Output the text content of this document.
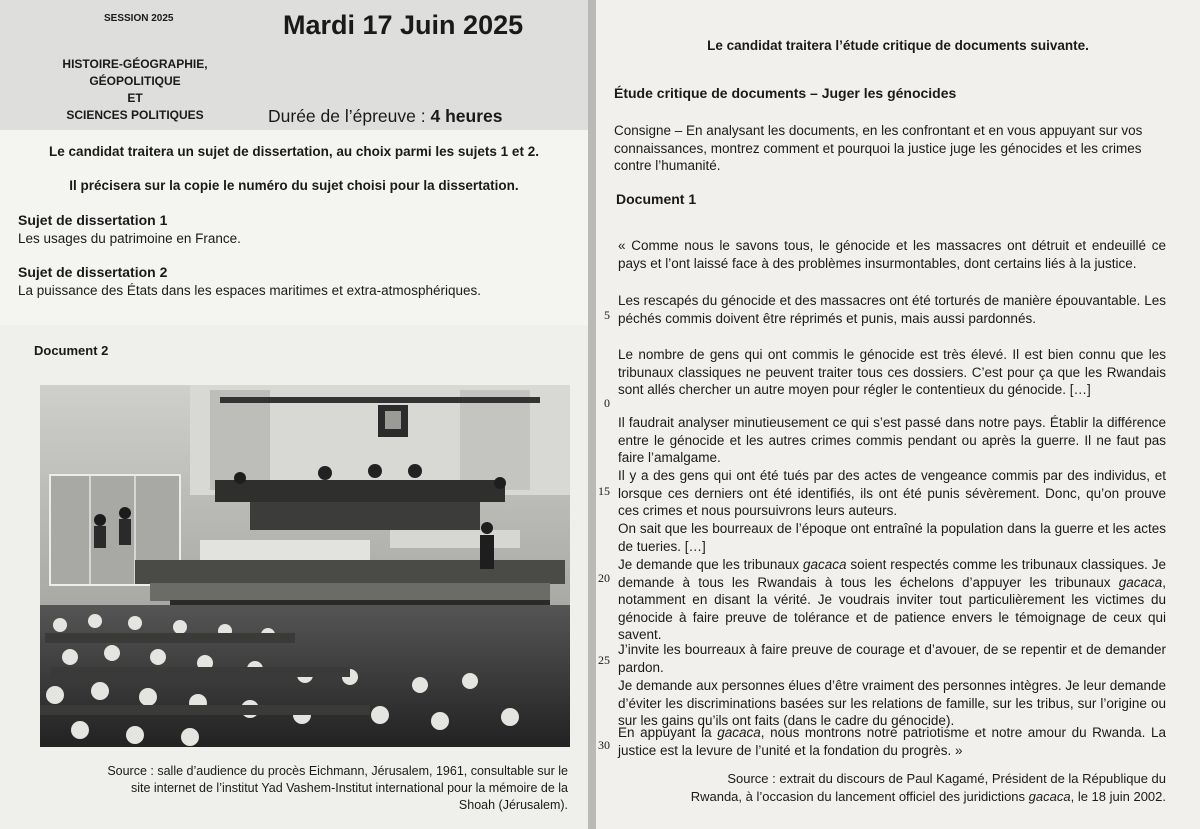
SESSION 2025	Mardi 17 Juin 2025
HISTOIRE-GÉOGRAPHIE,
GÉOPOLITIQUE
ET
SCIENCES POLITIQUES	Durée de l’épreuve : 4 heures
Le candidat traitera un sujet de dissertation, au choix parmi les sujets 1 et 2.
Il précisera sur la copie le numéro du sujet choisi pour la dissertation.
Sujet de dissertation 1
Les usages du patrimoine en France.
Sujet de dissertation 2
La puissance des États dans les espaces maritimes et extra-atmosphériques.
Document 2
Source : salle d’audience du procès Eichmann, Jérusalem, 1961, consultable sur le
site internet de l’institut Yad Vashem-Institut international pour la mémoire de la
Shoah (Jérusalem).
Le candidat traitera l’étude critique de documents suivante.
Étude critique de documents – Juger les génocides
Consigne – En analysant les documents, en les confrontant et en vous appuyant sur vos connaissances, montrez comment et pourquoi la justice juge les génocides et les crimes contre l’humanité.
Document 1
5
0
15
20
25
30
« Comme nous le savons tous, le génocide et les massacres ont détruit et endeuillé ce pays et l’ont laissé face à des problèmes insurmontables, dont certains liés à la justice.
Les rescapés du génocide et des massacres ont été torturés de manière épouvantable. Les péchés commis doivent être réprimés et punis, mais aussi pardonnés.
Le nombre de gens qui ont commis le génocide est très élevé. Il est bien connu que les tribunaux classiques ne peuvent traiter tous ces dossiers. C’est pour ça que les Rwandais sont allés chercher un autre moyen pour régler le contentieux du génocide. […]
Il faudrait analyser minutieusement ce qui s’est passé dans notre pays. Établir la différence entre le génocide et les autres crimes commis pendant ou après la guerre. Il ne faut pas faire l’amalgame.
Il y a des gens qui ont été tués par des actes de vengeance commis par des individus, et lorsque ces derniers ont été identifiés, ils ont été punis sévèrement. Donc, qu’on prouve ces crimes et nous poursuivrons leurs auteurs.
On sait que les bourreaux de l’époque ont entraîné la population dans la guerre et les actes de tueries. […]
Je demande que les tribunaux gacaca soient respectés comme les tribunaux classiques. Je demande à tous les Rwandais à tous les échelons d’appuyer les tribunaux gacaca, notamment en disant la vérité. Je voudrais inviter tout particulièrement les victimes du génocide à faire preuve de tolérance et de patience envers le témoignage de ceux qui savent.
J’invite les bourreaux à faire preuve de courage et d’avouer, de se repentir et de demander pardon.
Je demande aux personnes élues d’être vraiment des personnes intègres. Je leur demande d’éviter les discriminations basées sur les relations de famille, sur les tribus, sur l’origine ou sur les gains qu’ils ont faits (dans le cadre du génocide).
En appuyant la gacaca, nous montrons notre patriotisme et notre amour du Rwanda. La justice est la levure de l’unité et la fondation du progrès. »
Source : extrait du discours de Paul Kagamé, Président de la République du
Rwanda, à l’occasion du lancement officiel des juridictions gacaca, le 18 juin 2002.
